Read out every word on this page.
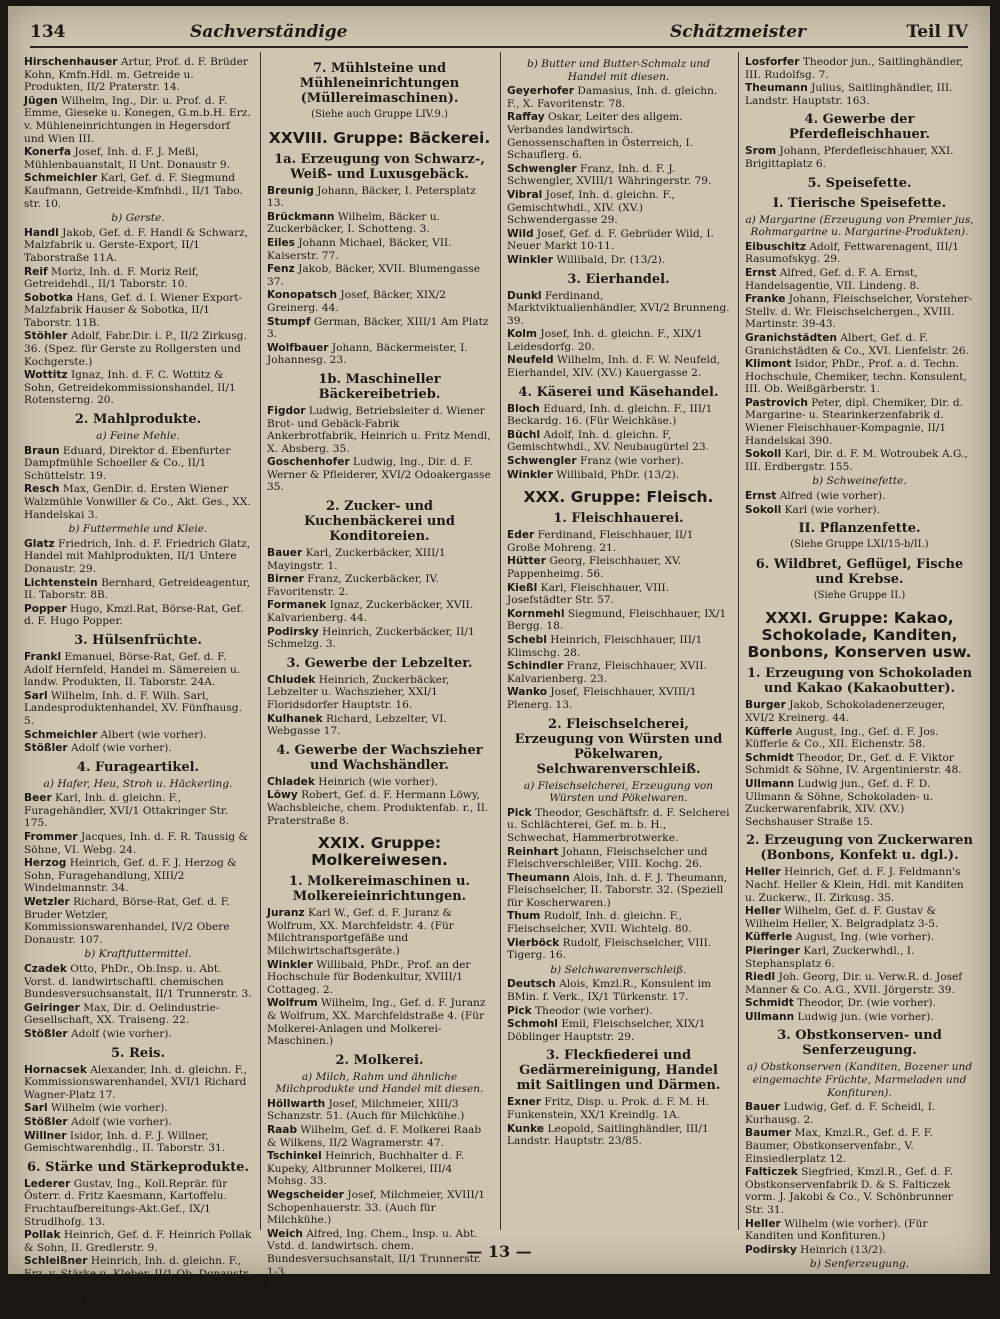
134	Sachverständige	Schätzmeister	Teil IV

Hirschenhauser Artur, Prof. d. F. Brüder Kohn, Kmfn.Hdl. m. Getreide u. Produkten, II/2 Praterstr. 14.

Jügen Wilhelm, Ing., Dir. u. Prof. d. F. Emme, Gieseke u. Konegen, G.m.b.H. Erz. v. Mühleneinrichtungen in Hegersdorf und Wien III.

Konerfa Josef, Inh. d. F. J. Meßl, Mühlenbauanstalt, II Unt. Donaustr 9.

Schmeichler Karl, Gef. d. F. Siegmund Kaufmann, Getreide-Kmfnhdl., II/1 Tabo. str. 10.

b) Gerste.

Handl Jakob, Gef. d. F. Handl & Schwarz, Malzfabrik u. Gerste-Export, II/1 Taborstraße 11A.

Reif Moriz, Inh. d. F. Moriz Reif, Getreidehdl., II/1 Taborstr. 10.

Sobotka Hans, Gef. d. I. Wiener Export-Malzfabrik Hauser & Sobotka, II/1 Taborstr. 11B.

Stöhler Adolf, Fabr.Dir. i. P., II/2 Zirkusg. 36. (Spez. für Gerste zu Rollgersten und Kochgerste.)

Wottitz Ignaz, Inh. d. F. C. Wottitz & Sohn, Getreidekommissionshandel, II/1 Rotensterng. 20.

2. Mahlprodukte.
a) Feine Mehle.

Braun Eduard, Direktor d. Ebenfurter Dampfmühle Schoeller & Co., II/1 Schüttelstr. 19.

Resch Max, GenDir. d. Ersten Wiener Walzmühle Vonwiller & Co., Akt. Ges., XX. Handelskai 3.

b) Futtermehle und Kleie.

Glatz Friedrich, Inh. d. F. Friedrich Glatz, Handel mit Mahlprodukten, II/1 Untere Donaustr. 29.

Lichtenstein Bernhard, Getreideagentur, II. Taborstr. 8B.

Popper Hugo, Kmzl.Rat, Börse-Rat, Gef. d. F. Hugo Popper.

3. Hülsenfrüchte.

Frankl Emanuel, Börse-Rat, Gef. d. F. Adolf Hernfeld, Handel m. Sämereien u. landw. Produkten, II. Taborstr. 24A.

Sarl Wilhelm, Inh. d. F. Wilh. Sarl, Landesproduktenhandel, XV. Fünfhausg. 5.

Schmeichler Albert (wie vorher).

Stößler Adolf (wie vorher).

4. Furageartikel.
a) Hafer, Heu, Stroh u. Häckerling.

Beer Karl, Inh. d. gleichn. F., Furagehändler, XVI/1 Ottakringer Str. 175.

Frommer Jacques, Inh. d. F. R. Taussig & Söhne, VI. Webg. 24.

Herzog Heinrich, Gef. d. F. J. Herzog & Sohn, Furagehandlung, XIII/2 Windelmannstr. 34.

Wetzler Richard, Börse-Rat, Gef. d. F. Bruder Wetzler, Kommissionswarenhandel, IV/2 Obere Donaustr. 107.

b) Kraftfuttermittel.

Czadek Otto, PhDr., Ob.Insp. u. Abt. Vorst. d. landwirtschaftl. chemischen Bundesversuchsanstalt, II/1 Trunnerstr. 3.

Geiringer Max, Dir. d. Oelindustrie-Gesellschaft, XX. Traiseng. 22.

Stößler Adolf (wie vorher).

5. Reis.

Hornacsek Alexander, Inh. d. gleichn. F., Kommissionswarenhandel, XVI/1 Richard Wagner-Platz 17.

Sarl Wilhelm (wie vorher).

Stößler Adolf (wie vorher).

Willner Isidor, Inh. d. F. J. Willner, Gemischtwarenhdlg., II. Taborstr. 31.

6. Stärke und Stärkeprodukte.

Lederer Gustav, Ing., Koll.Reprär. für Österr. d. Fritz Kaesmann, Kartoffelu. Fruchtaufbereitungs-Akt.Gef., IX/1 Strudlhofg. 13.

Pollak Heinrich, Gef. d. F. Heinrich Pollak & Sohn, II. Gredlerstr. 9.

Schleißner Heinrich, Inh. d. gleichn. F., Erz. v. Stärke u. Kleber, II/1 Ob. Donaustr. 101.

Wertheim Hugo, Ing., techn. Konsulent f. d. ges. Stärkeindustrie, XIX/2 Crocag. 10.

7. Mühlsteine und Mühleneinrichtungen (Müllereimaschinen).
(Siehe auch Gruppe LIV.9.)
XXVIII. Gruppe: Bäckerei.
1a. Erzeugung von Schwarz-, Weiß- und Luxusgebäck.

Breunig Johann, Bäcker, I. Petersplatz 13.

Brückmann Wilhelm, Bäcker u. Zuckerbäcker, I. Schotteng. 3.

Eiles Johann Michael, Bäcker, VII. Kaiserstr. 77.

Fenz Jakob, Bäcker, XVII. Blumengasse 37.

Konopatsch Josef, Bäcker, XIX/2 Greinerg. 44.

Stumpf German, Bäcker, XIII/1 Am Platz 3.

Wolfbauer Johann, Bäckermeister, I. Johannesg. 23.

1b. Maschineller Bäckereibetrieb.

Figdor Ludwig, Betriebsleiter d. Wiener Brot- und Gebäck-Fabrik Ankerbrotfabrik, Heinrich u. Fritz Mendl, X. Absberg. 35.

Goschenhofer Ludwig, Ing., Dir. d. F. Werner & Pfleiderer, XVI/2 Odoakergasse 35.

2. Zucker- und Kuchenbäckerei und Konditoreien.

Bauer Karl, Zuckerbäcker, XIII/1 Mayingstr. 1.

Birner Franz, Zuckerbäcker, IV. Favoritenstr. 2.

Formanek Ignaz, Zuckerbäcker, XVII. Kalvarienberg. 44.

Podirsky Heinrich, Zuckerbäcker, II/1 Schmelzg. 3.

3. Gewerbe der Lebzelter.

Chludek Heinrich, Zuckerbäcker, Lebzelter u. Wachszieher, XXI/1 Floridsdorfer Hauptstr. 16.

Kulhanek Richard, Lebzelter, VI. Webgasse 17.

4. Gewerbe der Wachszieher und Wachshändler.

Chladek Heinrich (wie vorher).

Löwy Robert, Gef. d. F. Hermann Löwy, Wachsbleiche, chem. Produktenfab. r., II. Praterstraße 8.

XXIX. Gruppe: Molkereiwesen.
1. Molkereimaschinen u. Molkereieinrichtungen.

Juranz Karl W., Gef. d. F. Juranz & Wolfrum, XX. Marchfeldstr. 4. (Für Milchtransportgefäße und Milchwirtschaftsgeräte.)

Winkler Willibald, PhDr., Prof. an der Hochschule für Bodenkultur, XVIII/1 Cottageg. 2.

Wolfrum Wilhelm, Ing., Gef. d. F. Juranz & Wolfrum, XX. Marchfeldstraße 4. (Für Molkerei-Anlagen und Molkerei-Maschinen.)

2. Molkerei.
a) Milch, Rahm und ähnliche Milchprodukte und Handel mit diesen.

Höllwarth Josef, Milchmeier, XIII/3 Schanzstr. 51. (Auch für Milchkühe.)

Raab Wilhelm, Gef. d. F. Molkerei Raab & Wilkens, II/2 Wagramerstr. 47.

Tschinkel Heinrich, Buchhalter d. F. Kupeky, Altbrunner Molkerei, III/4 Mohsg. 33.

Wegscheider Josef, Milchmeier, XVIII/1 Schopenhauerstr. 33. (Auch für Milchkühe.)

Weich Alfred, Ing. Chem., Insp. u. Abt. Vstd. d. landwirtsch. chem. Bundesversuchsanstalt, II/1 Trunnerstr. 1-3.

Winkler Willibald, PhDr. (wie vorher).

b) Butter und Butter-Schmalz und Handel mit diesen.

Geyerhofer Damasius, Inh. d. gleichn. F., X. Favoritenstr. 78.

Raffay Oskar, Leiter des allgem. Verbandes landwirtsch. Genossenschaften in Österreich, I. Schauflerg. 6.

Schwengler Franz, Inh. d. F. J. Schwengler, XVIII/1 Währingerstr. 79.

Vibral Josef, Inh. d. gleichn. F., Gemischtwhdl., XIV. (XV.) Schwendergasse 29.

Wild Josef, Gef. d. F. Gebrüder Wild, I. Neuer Markt 10-11.

Winkler Willibald, Dr. (13/2).

3. Eierhandel.

Dunkl Ferdinand, Marktviktualienhändler, XVI/2 Brunneng. 39.

Kolm Josef, Inh. d. gleichn. F., XIX/1 Leidesdorfg. 20.

Neufeld Wilhelm, Inh. d. F. W. Neufeld, Eierhandel, XIV. (XV.) Kauergasse 2.

4. Käserei und Käsehandel.

Bloch Eduard, Inh. d. gleichn. F., III/1 Beckardg. 16. (Für Weichkäse.)

Büchl Adolf, Inh. d. gleichn. F, Gemischtwhdl., XV. Neubaugürtel 23.

Schwengler Franz (wie vorher).

Winkler Willibald, PhDr. (13/2).

XXX. Gruppe: Fleisch.
1. Fleischhauerei.

Eder Ferdinand, Fleischhauer, II/1 Große Mohreng. 21.

Hütter Georg, Fleischhauer, XV. Pappenheimg. 56.

Kießl Karl, Fleischhauer, VIII. Josefstädter Str. 57.

Kornmehl Siegmund, Fleischhauer, IX/1 Bergg. 18.

Schebl Heinrich, Fleischhauer, III/1 Klimschg. 28.

Schindler Franz, Fleischhauer, XVII. Kalvarienberg. 23.

Wanko Josef, Fleischhauer, XVIII/1 Plenerg. 13.

2. Fleischselcherei, Erzeugung von Würsten und Pökelwaren, Selchwarenverschleiß.
a) Fleischselcherei, Erzeugung von Würsten und Pökelwaren.

Pick Theodor, Geschäftsfr. d. F. Selcherei u. Schlächterei, Gef. m. b. H., Schwechat, Hammerbrotwerke.

Reinhart Johann, Fleischselcher und Fleischverschleißer, VIII. Kochg. 26.

Theumann Alois, Inh. d. F. J. Theumann, Fleischselcher, II. Taborstr. 32. (Speziell für Koscherwaren.)

Thum Rudolf, Inh. d. gleichn. F., Fleischselcher, XVII. Wichtelg. 80.

Vierböck Rudolf, Fleischselcher, VIII. Tigerg. 16.

b) Selchwarenverschleiß.

Deutsch Alois, Kmzl.R., Konsulent im BMin. f. Verk., IX/1 Türkenstr. 17.

Pick Theodor (wie vorher).

Schmohl Emil, Fleischselcher, XIX/1 Döblinger Hauptstr. 29.

3. Fleckfiederei und Gedärmereinigung, Handel mit Saitlingen und Därmen.

Exner Fritz, Disp. u. Prok. d. F. M. H. Funkenstein, XX/1 Kreindlg. 1A.

Kunke Leopold, Saitlinghändler, III/1 Landstr. Hauptstr. 23/85.

Losforfer Theodor jun., Saitlinghändler, III. Rudolfsg. 7.

Theumann Julius, Saitlinghändler, III. Landstr. Hauptstr. 163.

4. Gewerbe der Pferdefleischhauer.

Srom Johann, Pferdefleischhauer, XXI. Brigittaplatz 6.

5. Speisefette.
I. Tierische Speisefette.
a) Margarine (Erzeugung von Premier jus, Rohmargarine u. Margarine-Produkten).

Eibuschitz Adolf, Fettwarenagent, III/1 Rasumofskyg. 29.

Ernst Alfred, Gef. d. F. A. Ernst, Handelsagentie, VII. Lindeng. 8.

Franke Johann, Fleischselcher, Vorsteher-Stellv. d. Wr. Fleischselchergen., XVIII. Martinstr. 39-43.

Granichstädten Albert, Gef. d. F. Granichstädten & Co., XVI. Lienfelstr. 26.

Klimont Isidor, PhDr., Prof. a. d. Techn. Hochschule, Chemiker, techn. Konsulent, III. Ob. Weißgärberstr. 1.

Pastrovich Peter, dipl. Chemiker, Dir. d. Margarine- u. Stearinkerzenfabrik d. Wiener Fleischhauer-Kompagnie, II/1 Handelskai 390.

Sokoll Karl, Dir. d. F. M. Wotroubek A.G., III. Erdbergstr. 155.

b) Schweinefette.

Ernst Alfred (wie vorher).

Sokoll Karl (wie vorher).

II. Pflanzenfette.
(Siehe Gruppe LXI/15-b/II.)
6. Wildbret, Geflügel, Fische und Krebse.
(Siehe Gruppe II.)
XXXI. Gruppe: Kakao, Schokolade, Kanditen, Bonbons, Konserven usw.
1. Erzeugung von Schokoladen und Kakao (Kakaobutter).

Burger Jakob, Schokoladenerzeuger, XVI/2 Kreinerg. 44.

Küfferle August, Ing., Gef. d. F. Jos. Küfferle & Co., XII. Eichenstr. 58.

Schmidt Theodor, Dr., Gef. d. F. Viktor Schmidt & Söhne, IV. Argentinierstr. 48.

Ullmann Ludwig jun., Gef. d. F. D. Ullmann & Söhne, Schokoladen- u. Zuckerwarenfabrik, XIV. (XV.) Sechshauser Straße 15.

2. Erzeugung von Zuckerwaren (Bonbons, Konfekt u. dgl.).

Heller Heinrich, Gef. d. F. J. Feldmann's Nachf. Heller & Klein, Hdl. mit Kanditen u. Zuckerw., II. Zirkusg. 35.

Heller Wilhelm, Gef. d. F. Gustav & Wilhelm Heller, X. Belgradplatz 3-5.

Küfferle August, Ing. (wie vorher).

Pieringer Karl, Zuckerwhdl., I. Stephansplatz 6.

Riedl Joh. Georg, Dir. u. Verw.R. d. Josef Manner & Co. A.G., XVII. Jörgerstr. 39.

Schmidt Theodor, Dr. (wie vorher).

Ullmann Ludwig jun. (wie vorher).

3. Obstkonserven- und Senferzeugung.
a) Obstkonserven (Kanditen, Bozener und eingemachte Früchte, Marmeladen und Konfituren).

Bauer Ludwig, Gef. d. F. Scheidl, I. Kurhausg. 2.

Baumer Max, Kmzl.R., Gef. d. F. F. Baumer, Obstkonservenfabr., V. Einsiedlerplatz 12.

Falticzek Siegfried, Kmzl.R., Gef. d. F. Obstkonservenfabrik D. & S. Falticzek vorm. J. Jakobi & Co., V. Schönbrunner Str. 31.

Heller Wilhelm (wie vorher). (Für Kanditen und Konfituren.)

Podirsky Heinrich (13/2).

b) Senferzeugung.

Unbesetzt.

— 13 —
